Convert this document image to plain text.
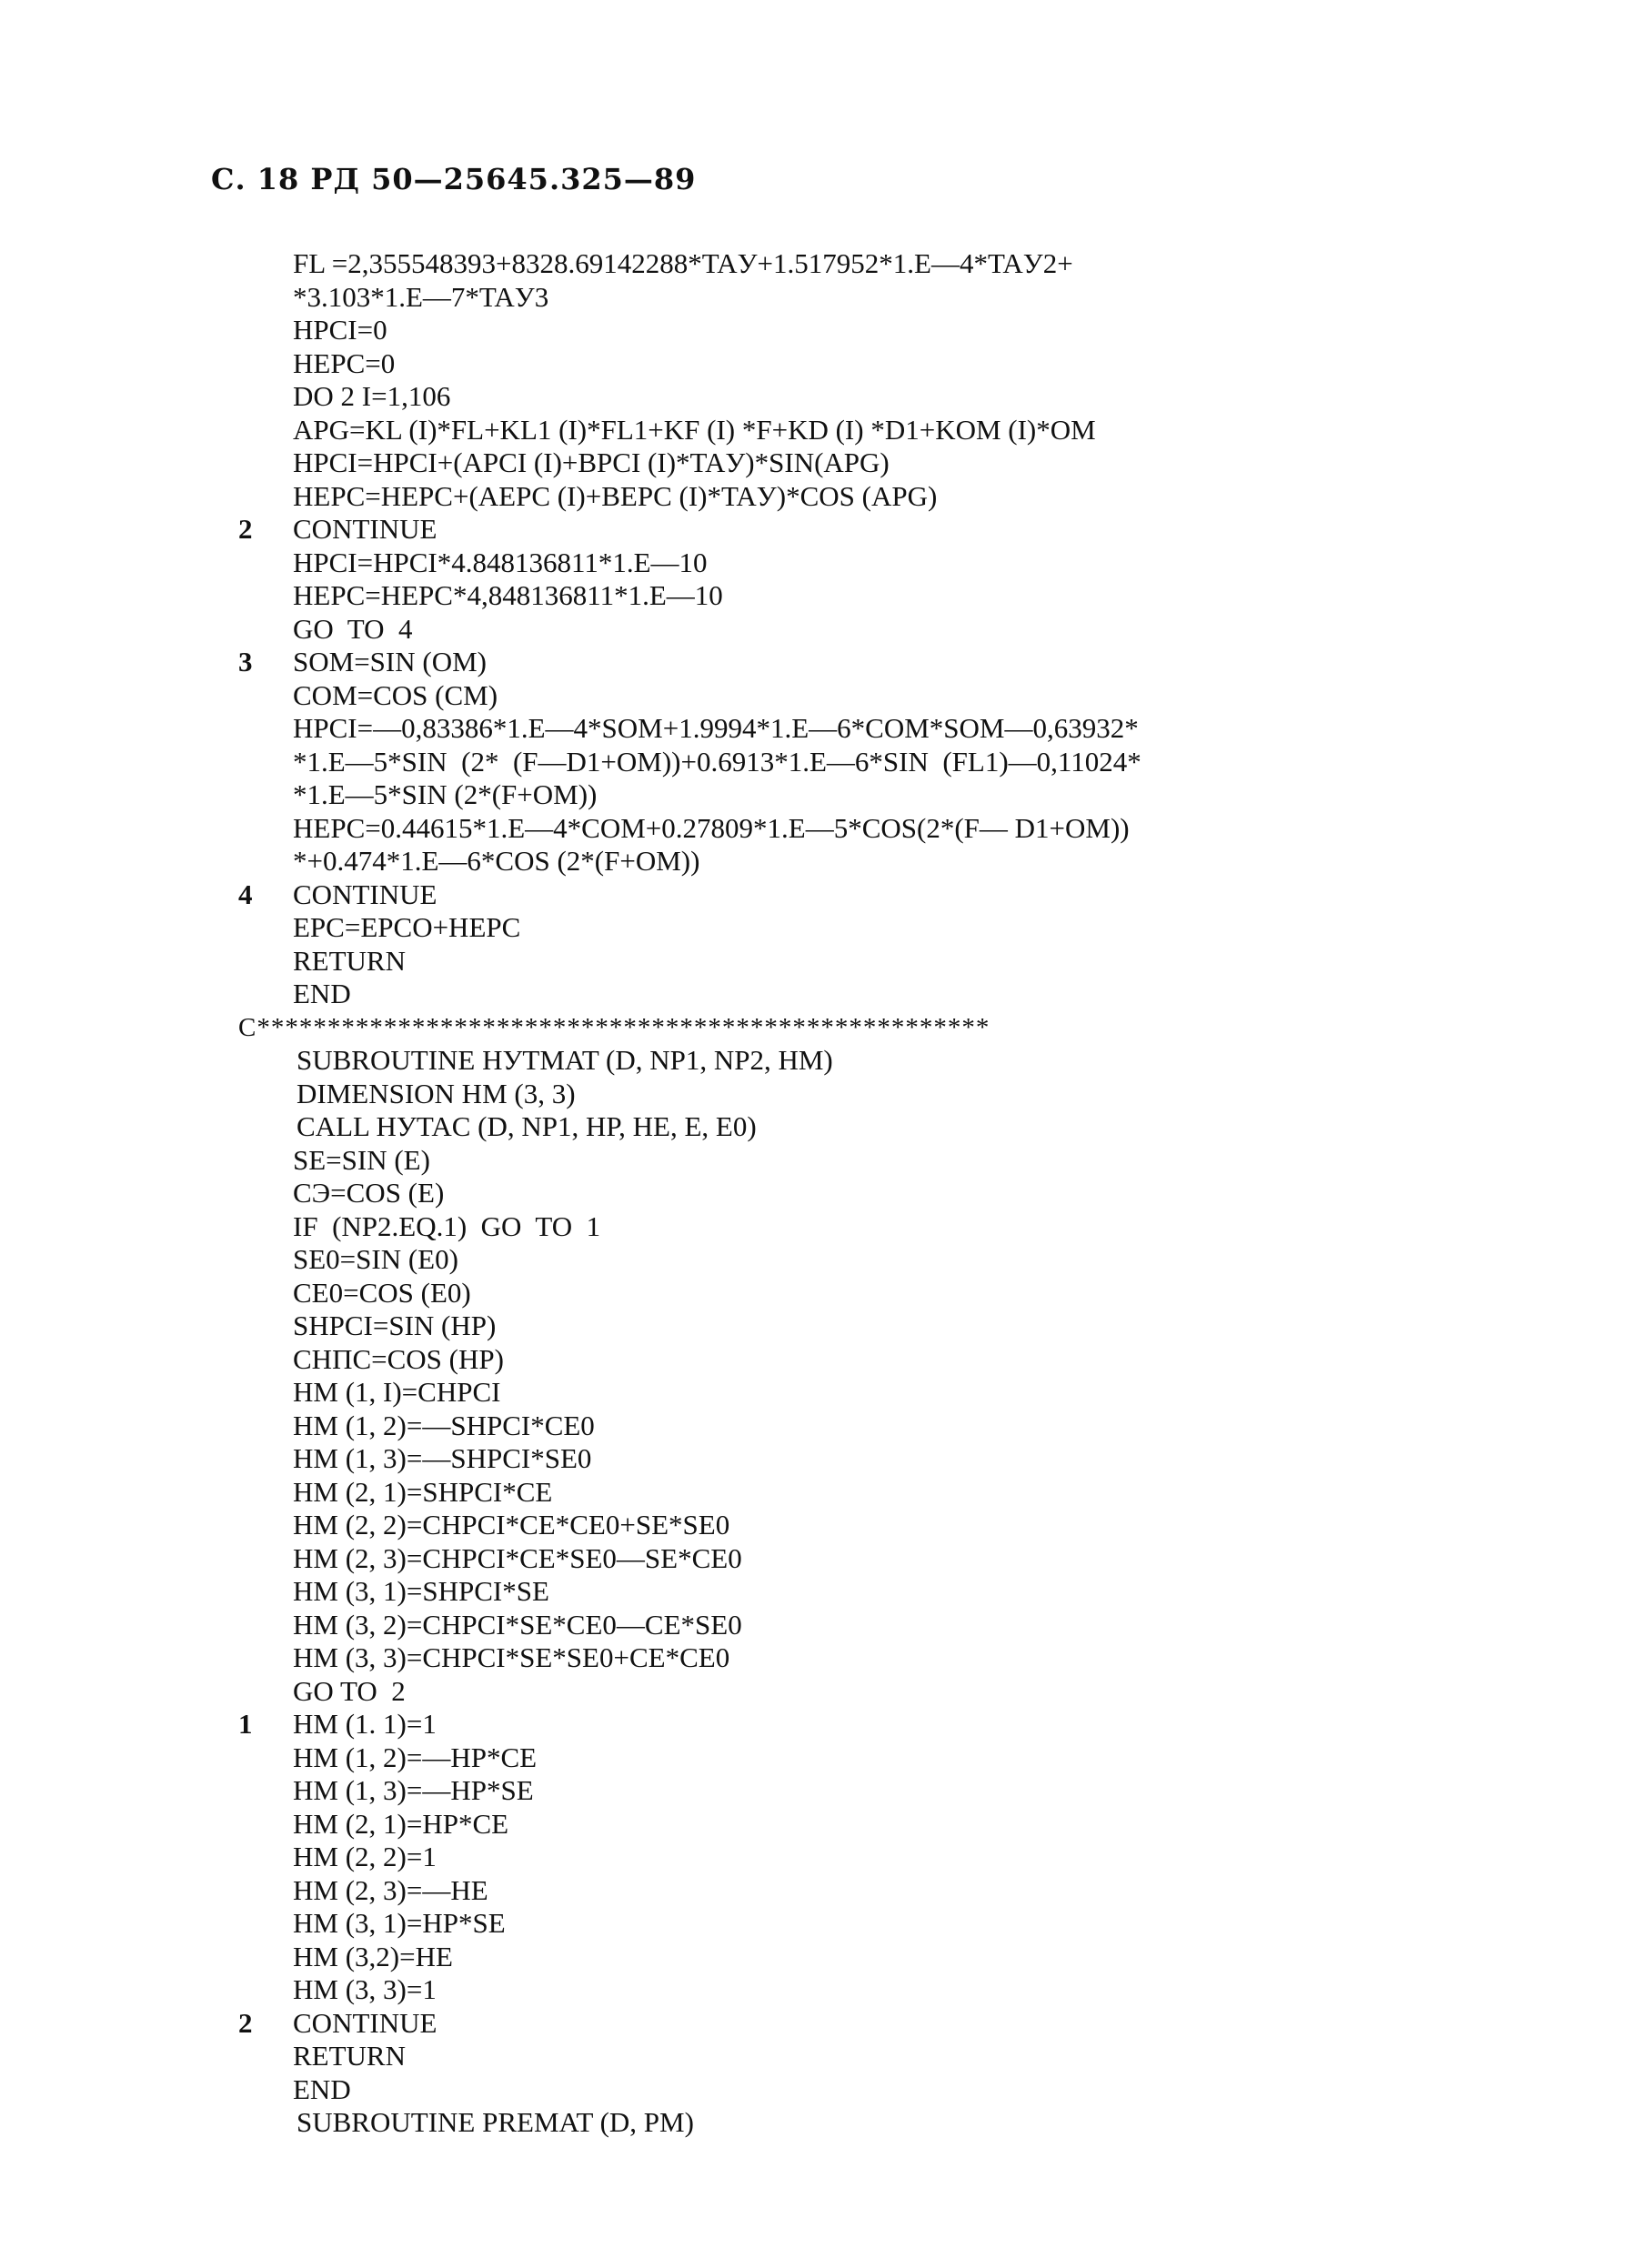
С. 18 РД 50—25645.325—89
FL =2,355548393+8328.69142288*TAУ+1.517952*1.E—4*TAУ2+
*3.103*1.E—7*TAУ3
HPCI=0
HEPC=0
DO 2 I=1,106
APG=KL (I)*FL+KL1 (I)*FL1+KF (I) *F+KD (I) *D1+KOM (I)*OM
HPCI=HPCI+(APCI (I)+BPCI (I)*TAУ)*SIN(APG)
HEPC=HEPC+(AEPC (I)+BEPC (I)*TAУ)*COS (APG)
2	CONTINUE
HPCI=HPCI*4.848136811*1.E—10
HEPC=HEPC*4,848136811*1.E—10
GO  TO  4
3	SOM=SIN (OM)
COM=COS (CM)
HPCI=—0,83386*1.E—4*SOM+1.9994*1.E—6*COM*SOM—0,63932*
*1.E—5*SIN  (2*  (F—D1+OM))+0.6913*1.E—6*SIN  (FL1)—0,11024*
*1.E—5*SIN (2*(F+OM))
HEPC=0.44615*1.E—4*COM+0.27809*1.E—5*COS(2*(F— D1+OM))
*+0.474*1.E—6*COS (2*(F+OM))
4	CONTINUE
EPC=EPCO+HEPC
RETURN
END
C****************************************************
SUBROUTINE HУTMAT (D, NP1, NP2, HM)
DIMENSION HM (3, 3)
CALL HУTAC (D, NP1, HP, HE, E, E0)
SE=SIN (E)
CЭ=COS (E)
IF  (NP2.EQ.1)  GO  TO  1
SE0=SIN (E0)
CE0=COS (E0)
SHPCI=SIN (HP)
CHПC=COS (HP)
HM (1, I)=CHPCI
HM (1, 2)=—SHPCI*CE0
HM (1, 3)=—SHPCI*SE0
HM (2, 1)=SHPCI*CE
HM (2, 2)=CHPCI*CE*CE0+SE*SE0
HM (2, 3)=CHPCI*CE*SE0—SE*CE0
HM (3, 1)=SHPCI*SE
HM (3, 2)=CHPCI*SE*CE0—CE*SE0
HM (3, 3)=CHPCI*SE*SE0+CE*CE0
GO TO  2
1	HM (1. 1)=1
HM (1, 2)=—HP*CE
HM (1, 3)=—HP*SE
HM (2, 1)=HP*CE
HM (2, 2)=1
HM (2, 3)=—HE
HM (3, 1)=HP*SE
HM (3,2)=HE
HM (3, 3)=1
2	CONTINUE
RETURN
END
SUBROUTINE PREMAT (D, PM)
